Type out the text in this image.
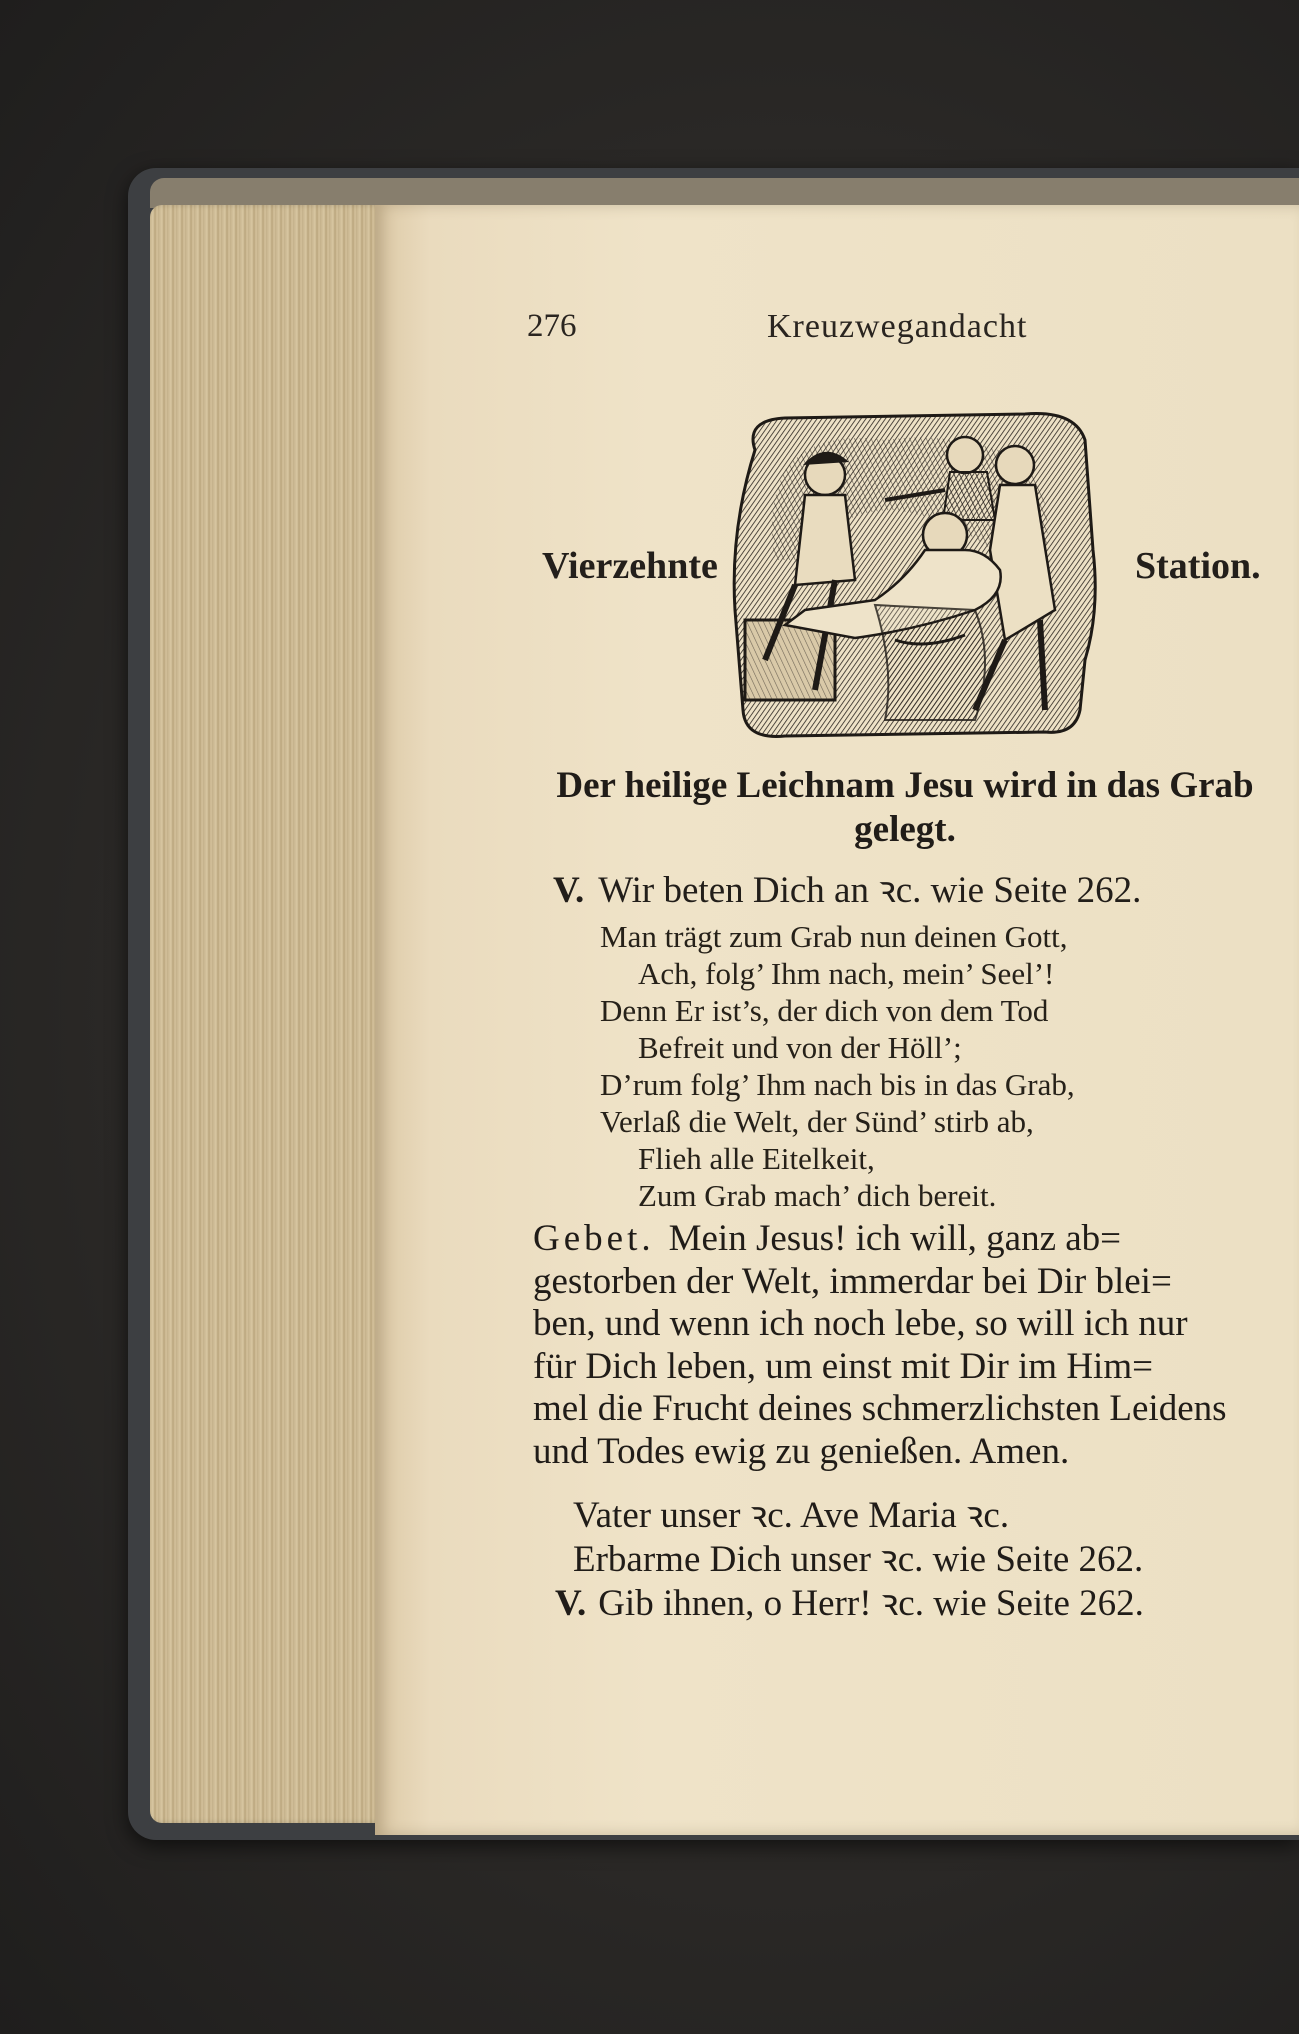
276	Kreuzwegandacht
Vierzehnte	Station.
Der heilige Leichnam Jesu wird in das Grab
gelegt.
V. Wir beten Dich an ꝛc. wie Seite 262.
Man trägt zum Grab nun deinen Gott,
Ach, folg’ Ihm nach, mein’ Seel’!
Denn Er ist’s, der dich von dem Tod
Befreit und von der Höll’;
D’rum folg’ Ihm nach bis in das Grab,
Verlaß die Welt, der Sünd’ stirb ab,
Flieh alle Eitelkeit,
Zum Grab mach’ dich bereit.
Gebet. Mein Jesus! ich will, ganz ab=
gestorben der Welt, immerdar bei Dir blei=
ben, und wenn ich noch lebe, so will ich nur
für Dich leben, um einst mit Dir im Him=
mel die Frucht deines schmerzlichsten Leidens
und Todes ewig zu genießen. Amen.
Vater unser ꝛc. Ave Maria ꝛc.
Erbarme Dich unser ꝛc. wie Seite 262.
V. Gib ihnen, o Herr! ꝛc. wie Seite 262.
